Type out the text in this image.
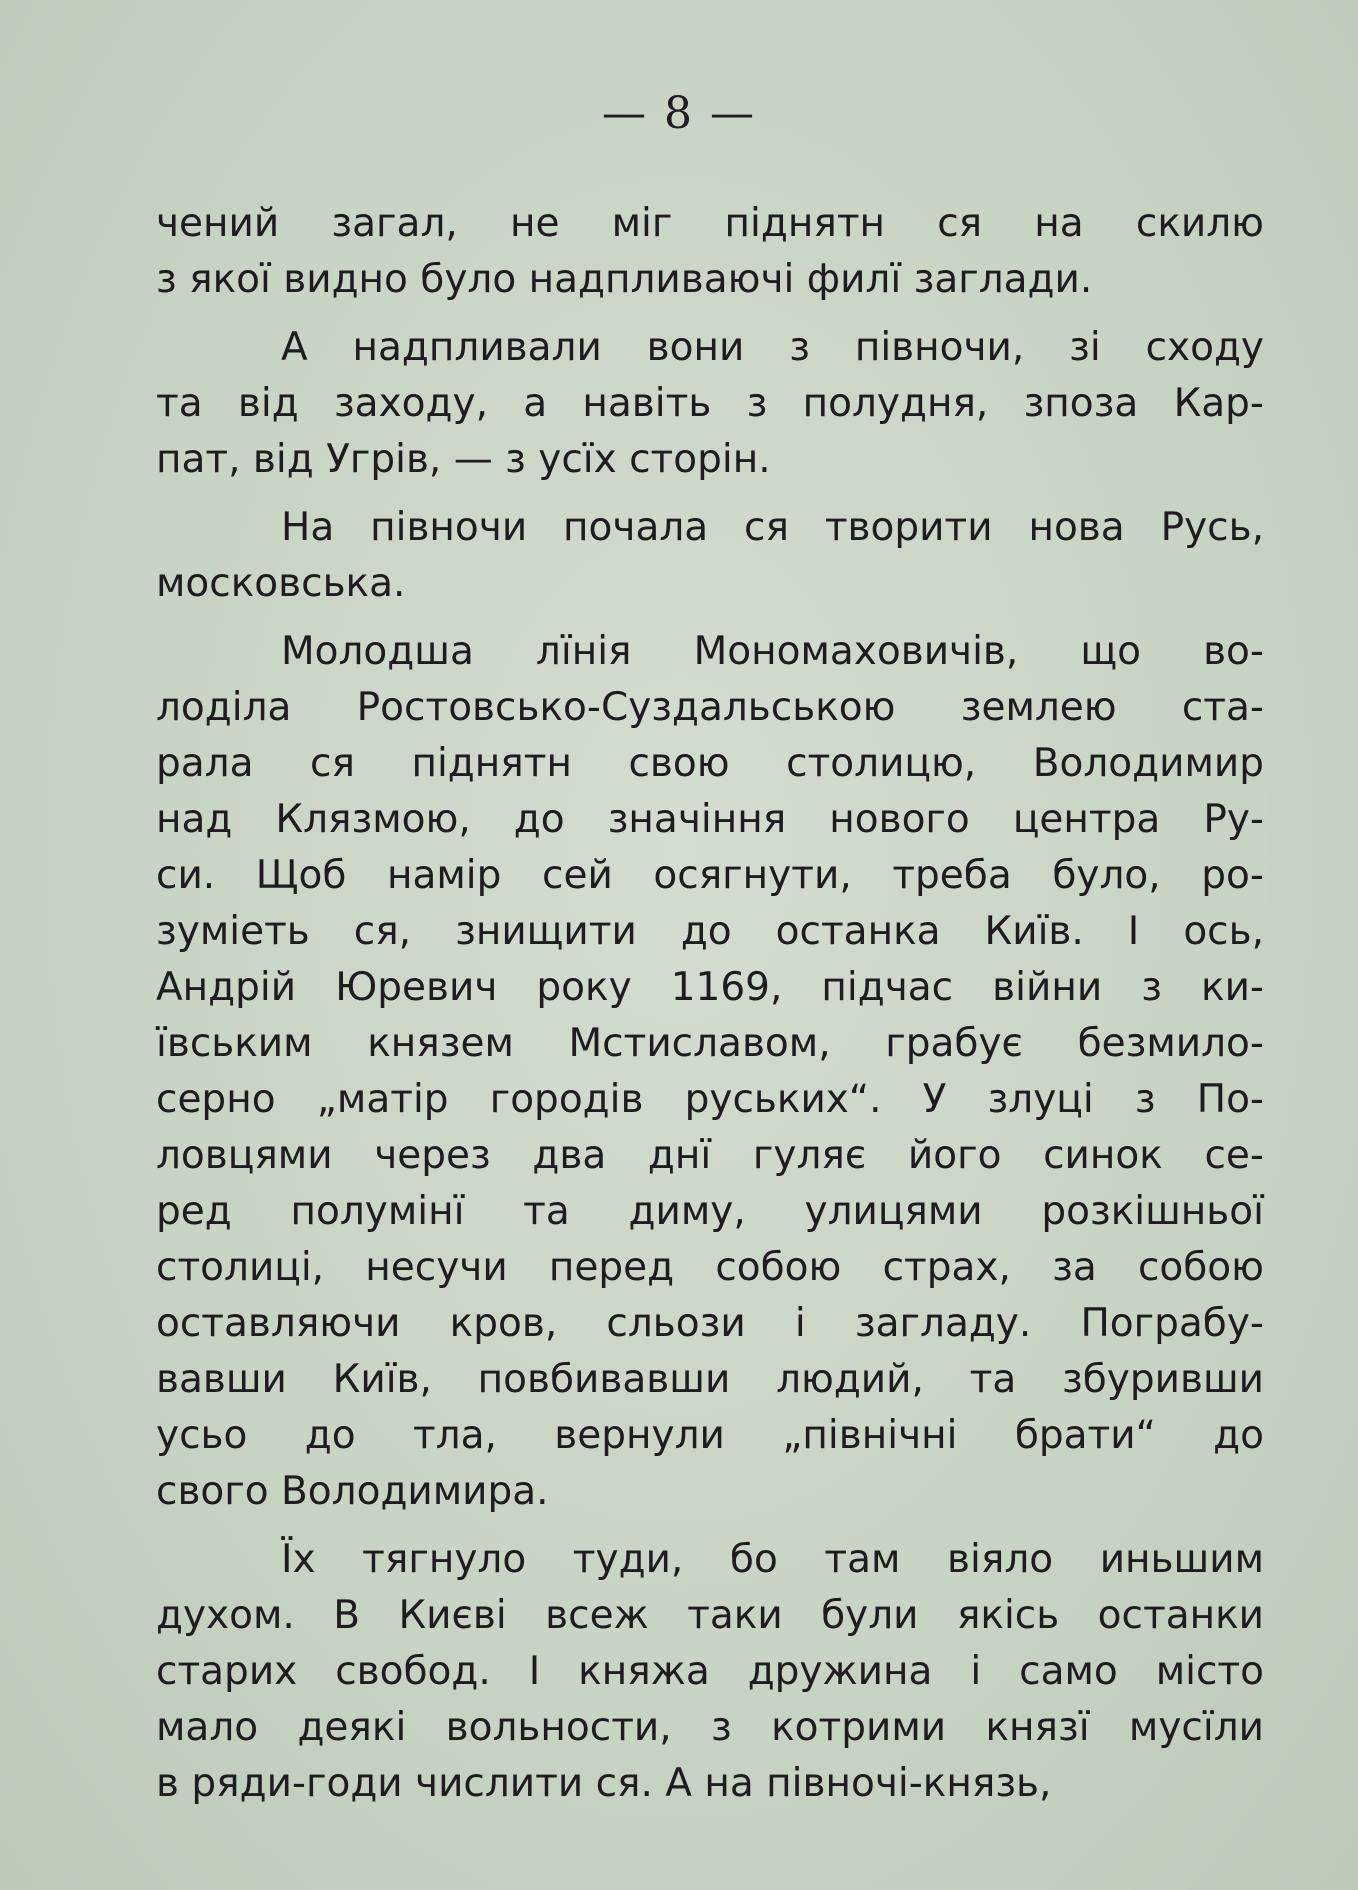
— 8 —
чений загал, не міг піднятн ся на скилю
з якої видно було надпливаючі филї заглади.
А надпливали вони з півночи, зі сходу
та від заходу, а навіть з полудня, зпоза Кар-
пат, від Угрів, — з усїх сторін.
На півночи почала ся творити нова Русь,
московська.
Молодша лїнія Мономаховичів, що во-
лоділа Ростовсько-Суздальською землею ста-
рала ся піднятн свою столицю, Володимир
над Клязмою, до значіння нового центра Ру-
си. Щоб намір сей осягнути, треба було, ро-
зуміеть ся, знищити до останка Київ. І ось,
Андрій Юревич року 1169, підчас війни з ки-
ївським князем Мстиславом, грабує безмило-
серно „матір городів руських“. У злуці з По-
ловцями через два днї гуляє його синок се-
ред полумінї та диму, улицями розкішньої
столиці, несучи перед собою страх, за собою
оставляючи кров, сльози і загладу. Пограбу-
вавши Київ, повбивавши людий, та збуривши
усьо до тла, вернули „північні брати“ до
свого Володимира.
Їх тягнуло туди, бо там віяло иньшим
духом. В Києві всеж таки були якісь останки
старих свобод. І княжа дружина і само місто
мало деякі вольности, з котрими князї мусїли
в ряди-годи числити ся. А на півночі-князь,
